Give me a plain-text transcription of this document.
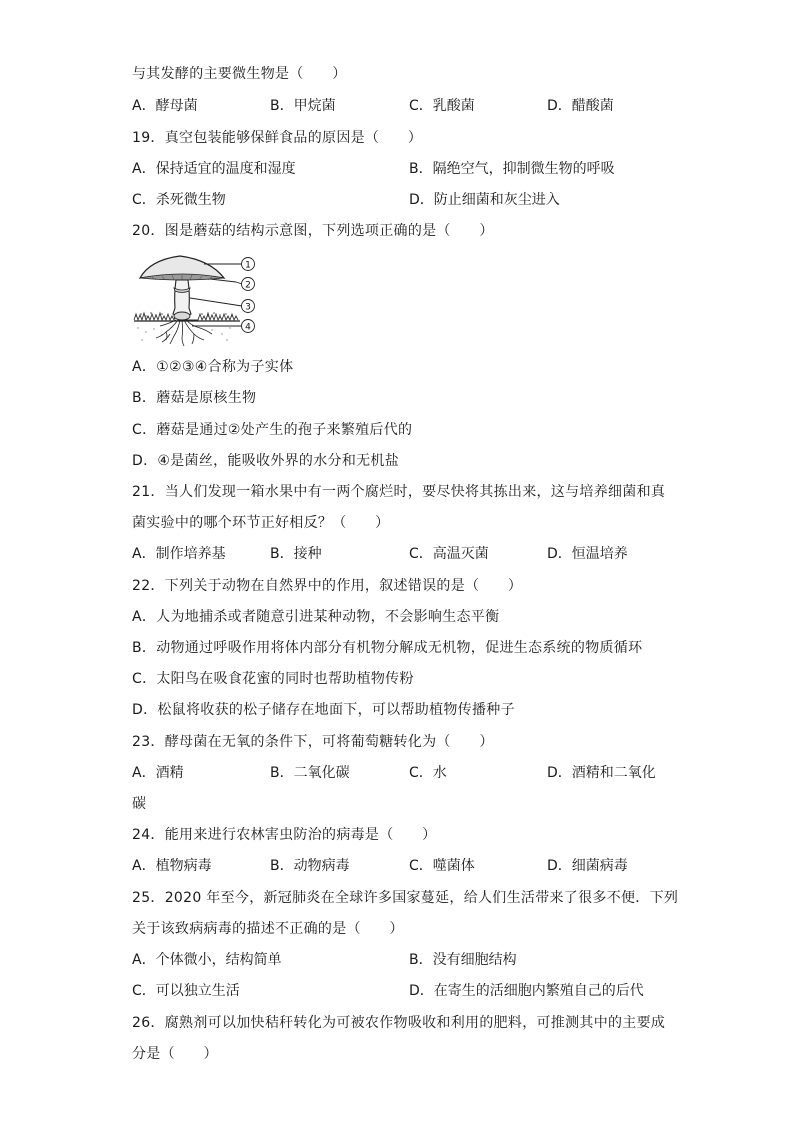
与其发酵的主要微生物是（　　）
A．酵母菌	B．甲烷菌	C．乳酸菌	D．醋酸菌
19．真空包装能够保鲜食品的原因是（　　）
A．保持适宜的温度和湿度	B．隔绝空气，抑制微生物的呼吸
C．杀死微生物	D．防止细菌和灰尘进入
20．图是蘑菇的结构示意图，下列选项正确的是（　　）
1
2
3
4
A．①②③④合称为子实体
B．蘑菇是原核生物
C．蘑菇是通过②处产生的孢子来繁殖后代的
D．④是菌丝，能吸收外界的水分和无机盐
21．当人们发现一箱水果中有一两个腐烂时，要尽快将其拣出来，这与培养细菌和真
菌实验中的哪个环节正好相反？（　　）
A．制作培养基	B．接种	C．高温灭菌	D．恒温培养
22．下列关于动物在自然界中的作用，叙述错误的是（　　）
A．人为地捕杀或者随意引进某种动物，不会影响生态平衡
B．动物通过呼吸作用将体内部分有机物分解成无机物，促进生态系统的物质循环
C．太阳鸟在吸食花蜜的同时也帮助植物传粉
D．松鼠将收获的松子储存在地面下，可以帮助植物传播种子
23．酵母菌在无氧的条件下，可将葡萄糖转化为（　　）
A．酒精	B．二氧化碳	C．水	D．酒精和二氧化
碳
24．能用来进行农林害虫防治的病毒是（　　）
A．植物病毒	B．动物病毒	C．噬菌体	D．细菌病毒
25．2020 年至今，新冠肺炎在全球许多国家蔓延，给人们生活带来了很多不便．下列
关于该致病病毒的描述不正确的是（　　）
A．个体微小，结构简单	B．没有细胞结构
C．可以独立生活	D．在寄生的活细胞内繁殖自己的后代
26．腐熟剂可以加快秸秆转化为可被农作物吸收和利用的肥料，可推测其中的主要成
分是（　　）
